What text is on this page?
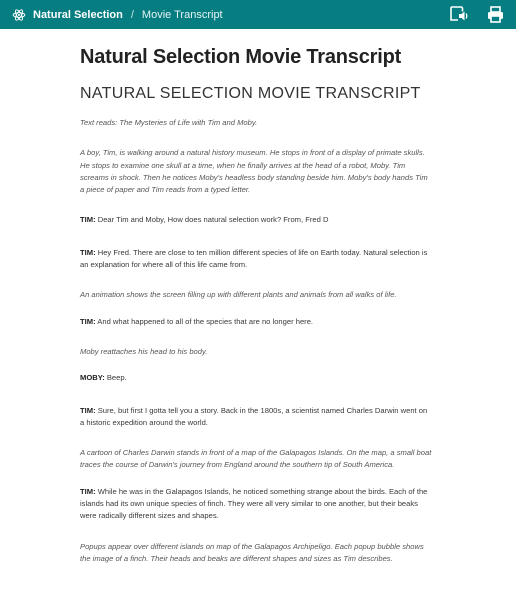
Natural Selection / Movie Transcript
Natural Selection Movie Transcript
NATURAL SELECTION MOVIE TRANSCRIPT

Text reads: The Mysteries of Life with Tim and Moby.

A boy, Tim, is walking around a natural history museum. He stops in front of a display of primate skulls. He stops to examine one skull at a time, when he finally arrives at the head of a robot, Moby. Tim screams in shock. Then he notices Moby's headless body standing beside him. Moby's body hands Tim a piece of paper and Tim reads from a typed letter.

TIM: Dear Tim and Moby, How does natural selection work? From, Fred D

TIM: Hey Fred. There are close to ten million different species of life on Earth today. Natural selection is an explanation for where all of this life came from.

An animation shows the screen filling up with different plants and animals from all walks of life.

TIM: And what happened to all of the species that are no longer here.

Moby reattaches his head to his body.

MOBY: Beep.

TIM: Sure, but first I gotta tell you a story. Back in the 1800s, a scientist named Charles Darwin went on a historic expedition around the world.

A cartoon of Charles Darwin stands in front of a map of the Galapagos Islands. On the map, a small boat traces the course of Darwin's journey from England around the southern tip of South America.

TIM: While he was in the Galapagos Islands, he noticed something strange about the birds. Each of the islands had its own unique species of finch. They were all very similar to one another, but their beaks were radically different sizes and shapes.

Popups appear over different islands on map of the Galapagos Archipeligo. Each popup bubble shows the image of a finch. Their heads and beaks are different shapes and sizes as Tim describes.
